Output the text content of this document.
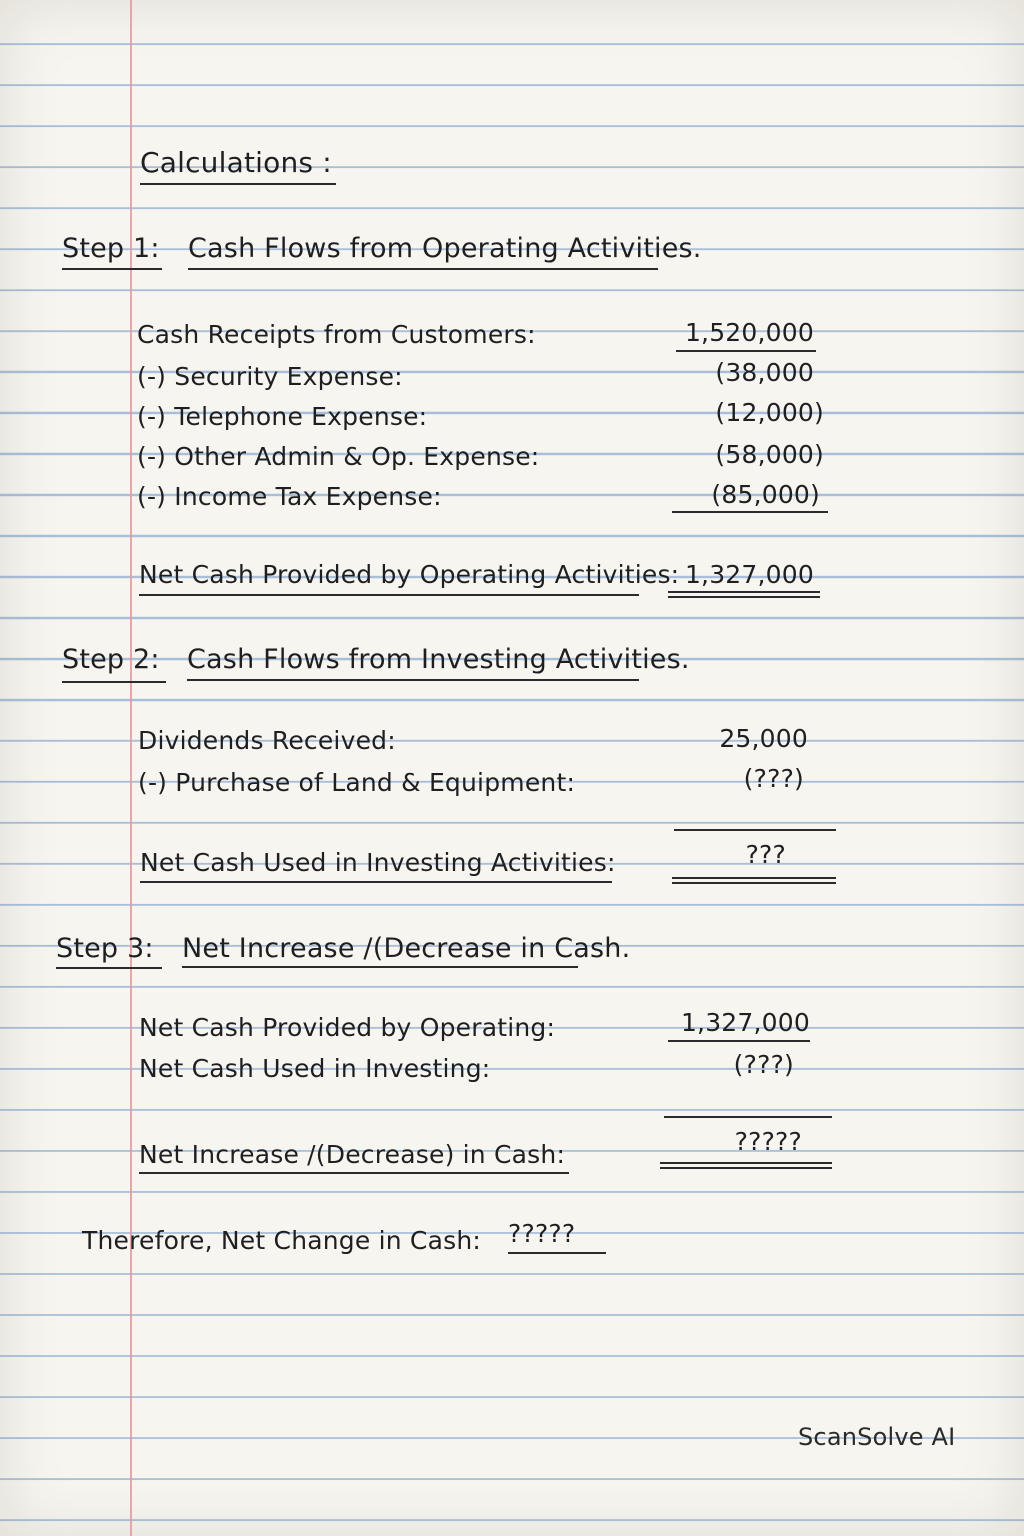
Calculations :
Step 1: Cash Flows from Operating Activities.
Cash Receipts from Customers:	1,520,000
(-) Security Expense:	(38,000
(-) Telephone Expense:	(12,000)
(-) Other Admin & Op. Expense:	(58,000)
(-) Income Tax Expense:	(85,000)
Net Cash Provided by Operating Activities: 1,327,000
Step 2: Cash Flows from Investing Activities.
Dividends Received:	25,000
(-) Purchase of Land & Equipment:	(???)
Net Cash Used in Investing Activities:	???
Step 3: Net Increase /(Decrease in Cash.
Net Cash Provided by Operating:	1,327,000
Net Cash Used in Investing:	(???)
Net Increase /(Decrease) in Cash:	?????
Therefore, Net Change in Cash: ?????
ScanSolve AI
